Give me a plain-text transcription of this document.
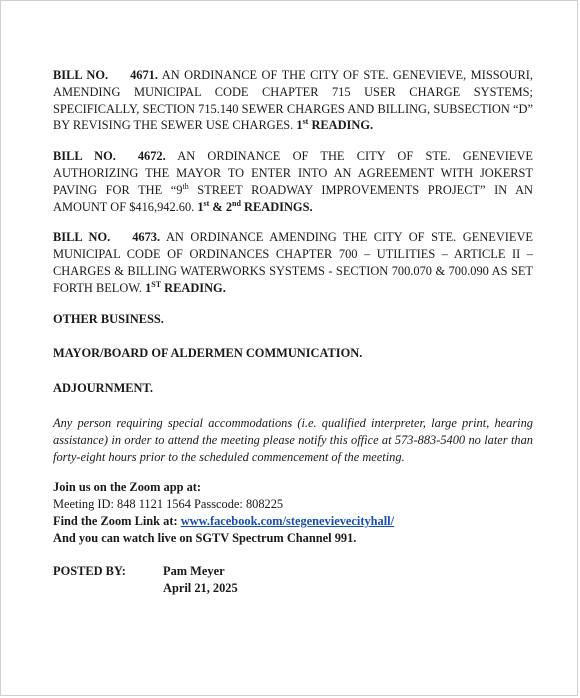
BILL NO. 4671. AN ORDINANCE OF THE CITY OF STE. GENEVIEVE, MISSOURI, AMENDING MUNICIPAL CODE CHAPTER 715 USER CHARGE SYSTEMS; SPECIFICALLY, SECTION 715.140 SEWER CHARGES AND BILLING, SUBSECTION “D” BY REVISING THE SEWER USE CHARGES. 1st READING.

BILL NO. 4672. AN ORDINANCE OF THE CITY OF STE. GENEVIEVE AUTHORIZING THE MAYOR TO ENTER INTO AN AGREEMENT WITH JOKERST PAVING FOR THE “9th STREET ROADWAY IMPROVEMENTS PROJECT” IN AN AMOUNT OF $416,942.60. 1st & 2nd READINGS.

BILL NO. 4673. AN ORDINANCE AMENDING THE CITY OF STE. GENEVIEVE MUNICIPAL CODE OF ORDINANCES CHAPTER 700 – UTILITIES – ARTICLE II – CHARGES & BILLING WATERWORKS SYSTEMS - SECTION 700.070 & 700.090 AS SET FORTH BELOW. 1ST READING.

OTHER BUSINESS.

MAYOR/BOARD OF ALDERMEN COMMUNICATION.

ADJOURNMENT.

Any person requiring special accommodations (i.e. qualified interpreter, large print, hearing assistance) in order to attend the meeting please notify this office at 573-883-5400 no later than forty-eight hours prior to the scheduled commencement of the meeting.

Join us on the Zoom app at:

Meeting ID: 848 1121 1564 Passcode: 808225

Find the Zoom Link at: www.facebook.com/stegenevievecityhall/

And you can watch live on SGTV Spectrum Channel 991.

POSTED BY:	Pam Meyer
April 21, 2025
